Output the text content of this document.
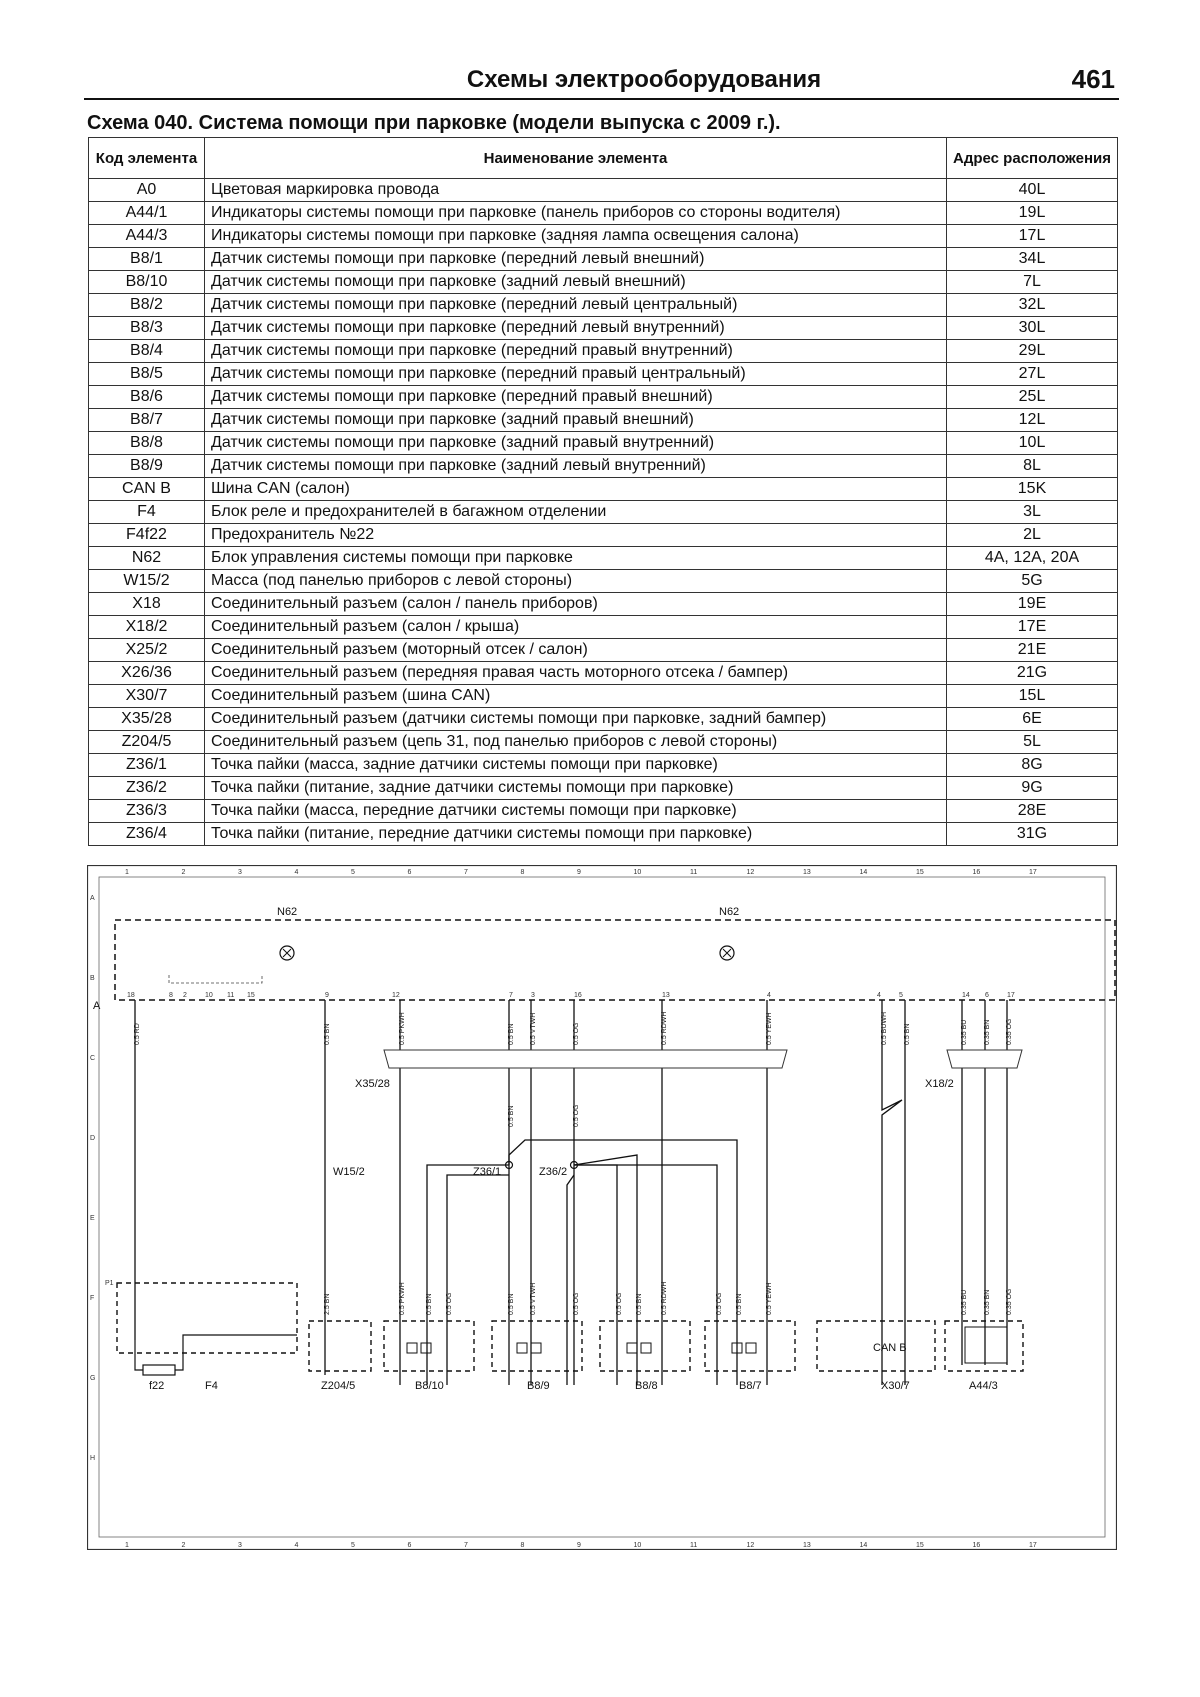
Схемы электрооборудования	461
Схема 040. Система помощи при парковке (модели выпуска с 2009 г.).
Код элемента	Наименование элемента	Адрес расположения
A0	Цветовая маркировка провода	40L
A44/1	Индикаторы системы помощи при парковке (панель приборов со стороны водителя)	19L
A44/3	Индикаторы системы помощи при парковке (задняя лампа освещения салона)	17L
B8/1	Датчик системы помощи при парковке (передний левый внешний)	34L
B8/10	Датчик системы помощи при парковке (задний левый внешний)	7L
B8/2	Датчик системы помощи при парковке (передний левый центральный)	32L
B8/3	Датчик системы помощи при парковке (передний левый внутренний)	30L
B8/4	Датчик системы помощи при парковке (передний правый внутренний)	29L
B8/5	Датчик системы помощи при парковке (передний правый центральный)	27L
B8/6	Датчик системы помощи при парковке (передний правый внешний)	25L
B8/7	Датчик системы помощи при парковке (задний правый внешний)	12L
B8/8	Датчик системы помощи при парковке (задний правый внутренний)	10L
B8/9	Датчик системы помощи при парковке (задний левый внутренний)	8L
CAN B	Шина CAN (салон)	15K
F4	Блок реле и предохранителей в багажном отделении	3L
F4f22	Предохранитель №22	2L
N62	Блок управления системы помощи при парковке	4A, 12A, 20A
W15/2	Масса (под панелью приборов с левой стороны)	5G
X18	Соединительный разъем (салон / панель приборов)	19E
X18/2	Соединительный разъем (салон / крыша)	17E
X25/2	Соединительный разъем (моторный отсек / салон)	21E
X26/36	Соединительный разъем (передняя правая часть моторного отсека / бампер)	21G
X30/7	Соединительный разъем (шина CAN)	15L
X35/28	Соединительный разъем (датчики системы помощи при парковке, задний бампер)	6E
Z204/5	Соединительный разъем (цепь 31, под панелью приборов с левой стороны)	5L
Z36/1	Точка пайки (масса, задние датчики системы помощи при парковке)	8G
Z36/2	Точка пайки (питание, задние датчики системы помощи при парковке)	9G
Z36/3	Точка пайки (масса, передние датчики системы помощи при парковке)	28E
Z36/4	Точка пайки (питание, передние датчики системы помощи при парковке)	31G
1	2	3	4	5	6	7	8	9	10	11	12	13	14	15	16	17
1	2	3	4	5	6	7	8	9	10	11	12	13	14	15	16	17
A
B
C
D
E
F
G
H
N62	N62
A
18	8 2	10 11 15	9	12	7	3	16	13	4	4	5	14 6	17
Z36/1	Z36/2
X35/28	X18/2
W15/2
P1
f22	F4	Z204/5	B8/10	B8/9	B8/8	B8/7
CAN B
X30/7	A44/3
0.5 RD	0.5 BN	0.5 PKWH	0.5 BN 0.5 VTWH	0.5 OG	0.5 RDWH	0.5 YEWH	0.5 BUWH 0.5 BN	0.35 BU 0.35 BN 0.35 OG
2.5 BN	0.5 PKWH	0.5 BN 0.5 OG	0.5 BN 0.5 VTWH	0.5 OG	0.5 OG 0.5 BN	0.5 RDWH	0.5 OG 0.5 BN	0.5 YEWH	0.35 BU 0.35 BN 0.35 OG
0.5 BN	0.5 OG
